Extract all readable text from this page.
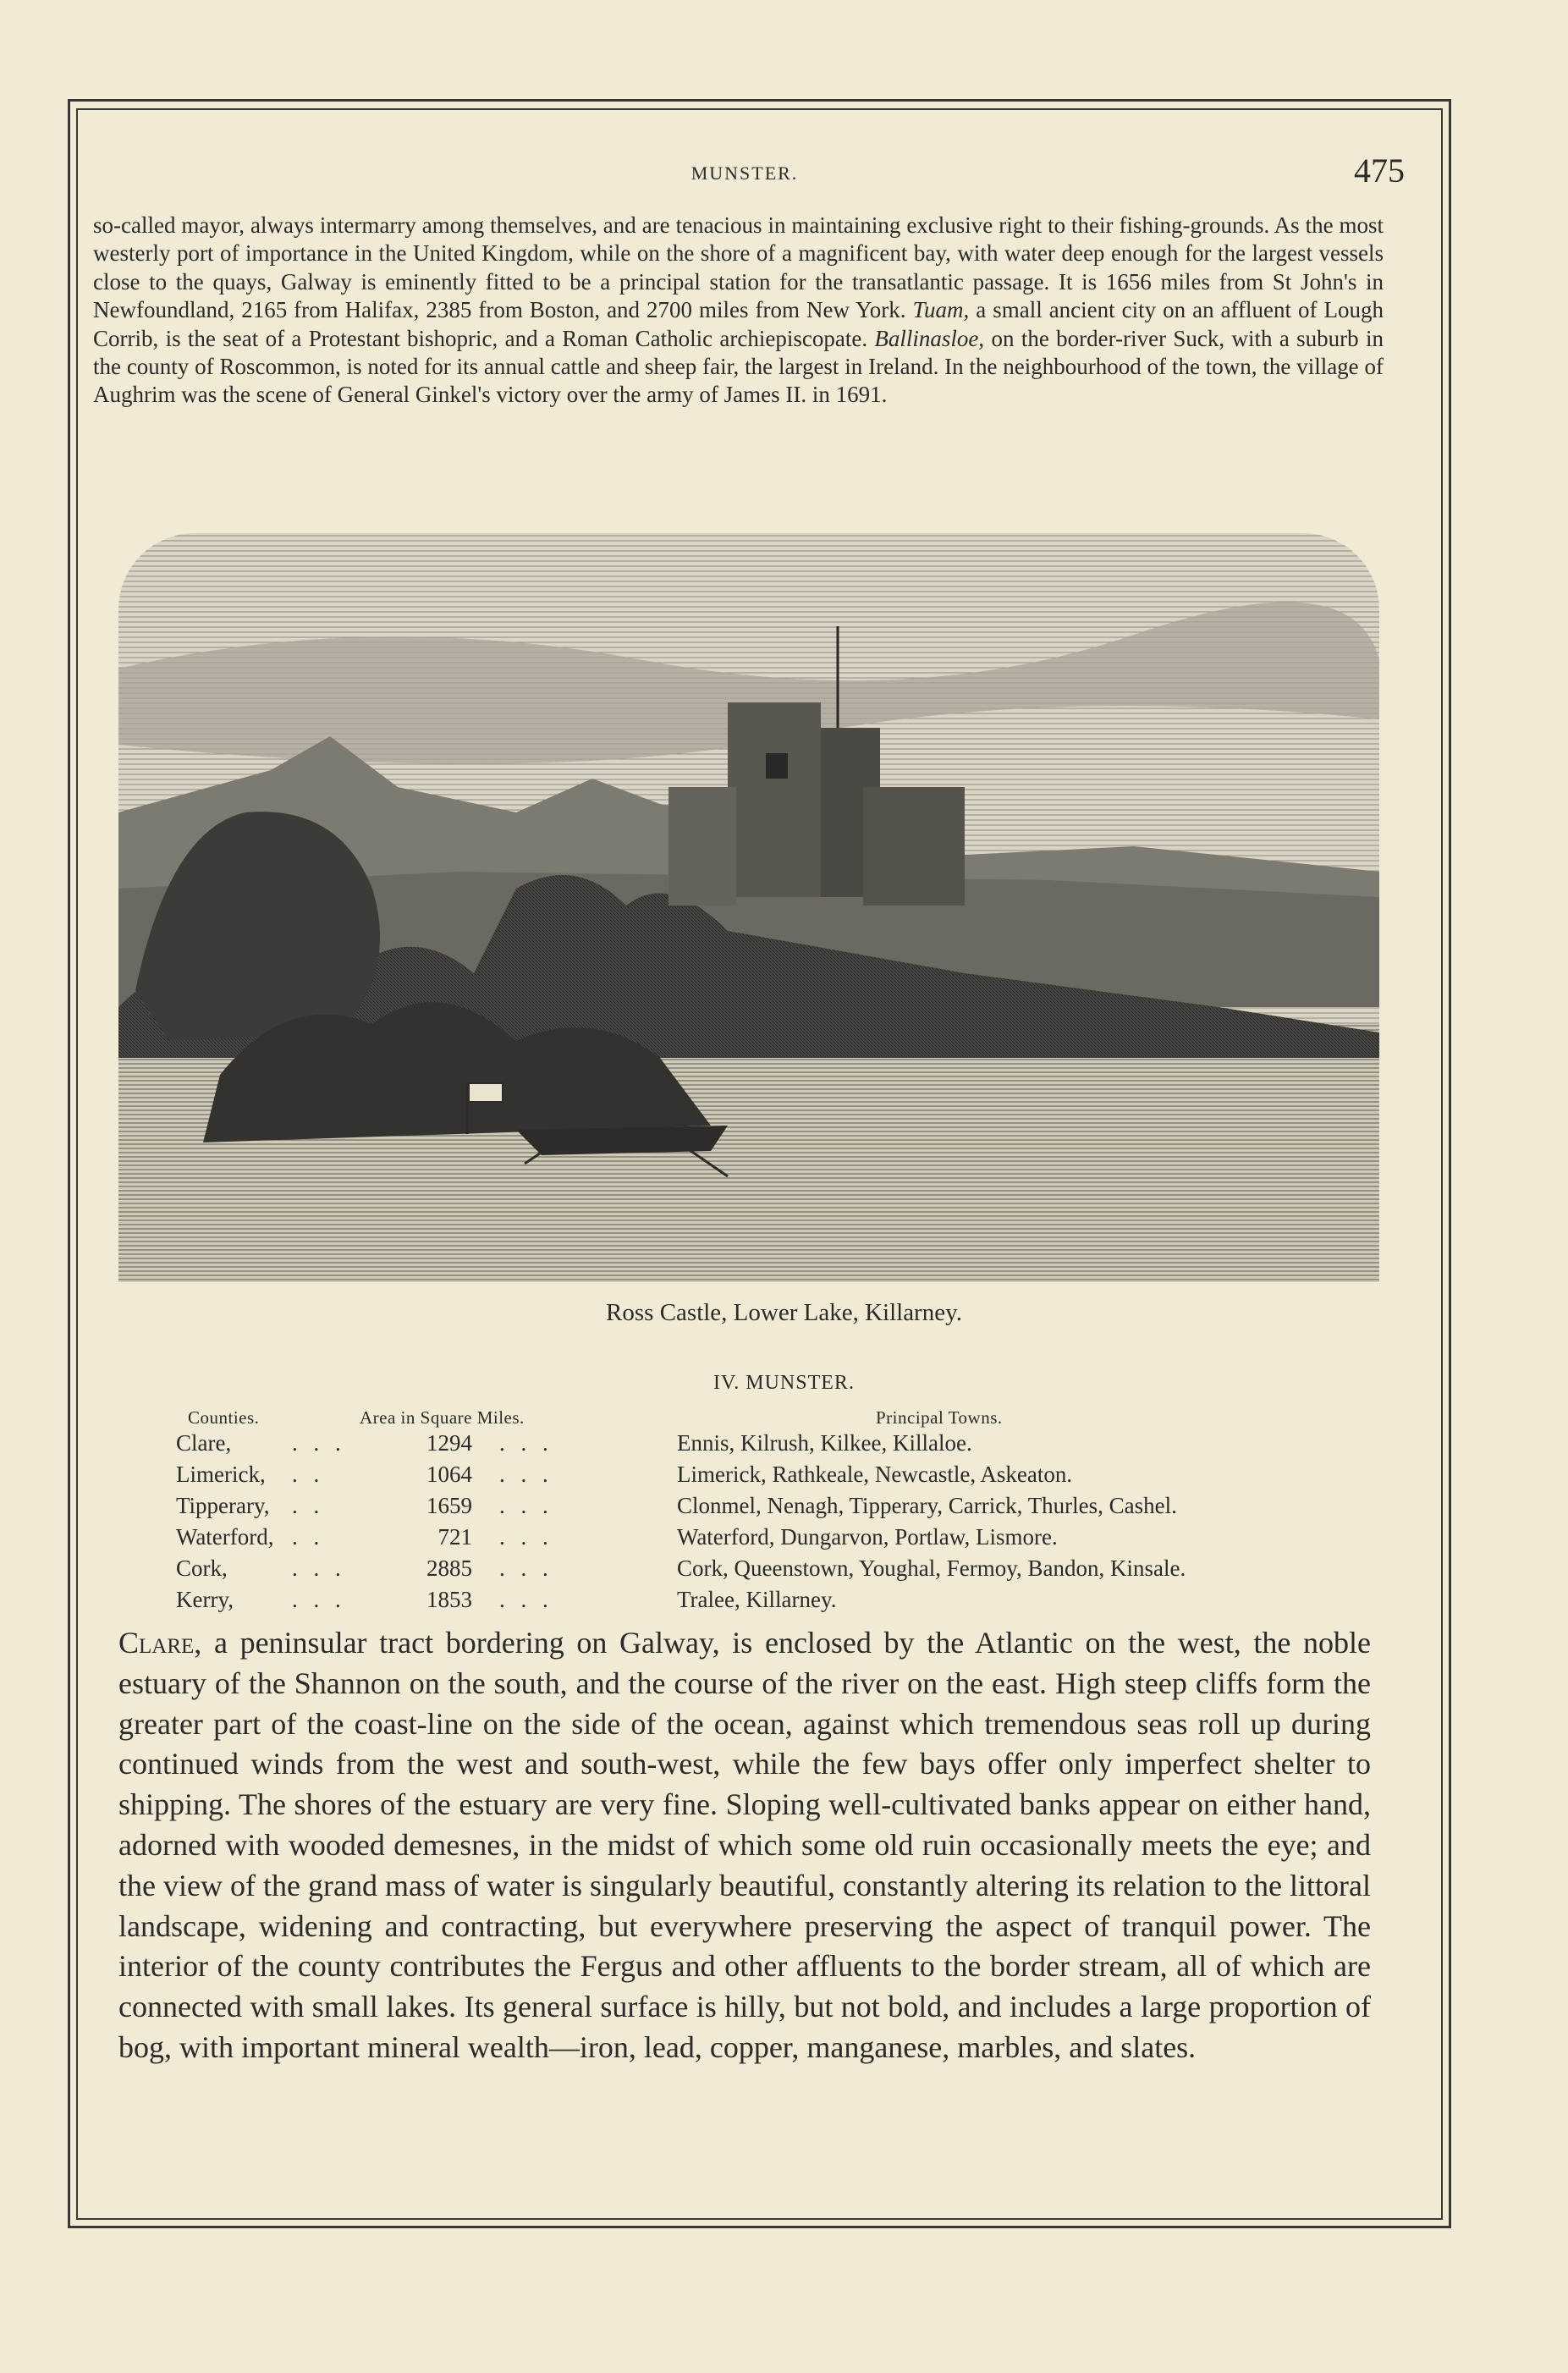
MUNSTER.	475

so-called mayor, always intermarry among themselves, and are tenacious in maintaining exclusive right to their fishing-grounds. As the most westerly port of importance in the United Kingdom, while on the shore of a magnificent bay, with water deep enough for the largest vessels close to the quays, Galway is eminently fitted to be a principal station for the transatlantic passage. It is 1656 miles from St John's in Newfoundland, 2165 from Halifax, 2385 from Boston, and 2700 miles from New York. Tuam, a small ancient city on an affluent of Lough Corrib, is the seat of a Protestant bishopric, and a Roman Catholic archiepiscopate. Ballinasloe, on the border-river Suck, with a suburb in the county of Roscommon, is noted for its annual cattle and sheep fair, the largest in Ireland. In the neighbourhood of the town, the village of Aughrim was the scene of General Ginkel's victory over the army of James II. in 1691.

Ross Castle, Lower Lake, Killarney.
IV. MUNSTER.
Counties.	Area in Square Miles.	Principal Towns.
Clare,	. . .	1294 . . .	Ennis, Kilrush, Kilkee, Killaloe.
Limerick, . .	1064 . . .	Limerick, Rathkeale, Newcastle, Askeaton.
Tipperary, . .	1659 . . .	Clonmel, Nenagh, Tipperary, Carrick, Thurles, Cashel.
Waterford, . .	721 . . .	Waterford, Dungarvon, Portlaw, Lismore.
Cork,	. . .	2885 . . .	Cork, Queenstown, Youghal, Fermoy, Bandon, Kinsale.
Kerry,	. . .	1853 . . .	Tralee, Killarney.

Clare, a peninsular tract bordering on Galway, is enclosed by the Atlantic on the west, the noble estuary of the Shannon on the south, and the course of the river on the east. High steep cliffs form the greater part of the coast-line on the side of the ocean, against which tremendous seas roll up during continued winds from the west and south-west, while the few bays offer only imperfect shelter to shipping. The shores of the estuary are very fine. Sloping well-cultivated banks appear on either hand, adorned with wooded demesnes, in the midst of which some old ruin occasionally meets the eye; and the view of the grand mass of water is singularly beautiful, constantly altering its relation to the littoral landscape, widening and contracting, but everywhere preserving the aspect of tranquil power. The interior of the county contributes the Fergus and other affluents to the border stream, all of which are connected with small lakes. Its general surface is hilly, but not bold, and includes a large proportion of bog, with important mineral wealth—iron, lead, copper, manganese, marbles, and slates.
